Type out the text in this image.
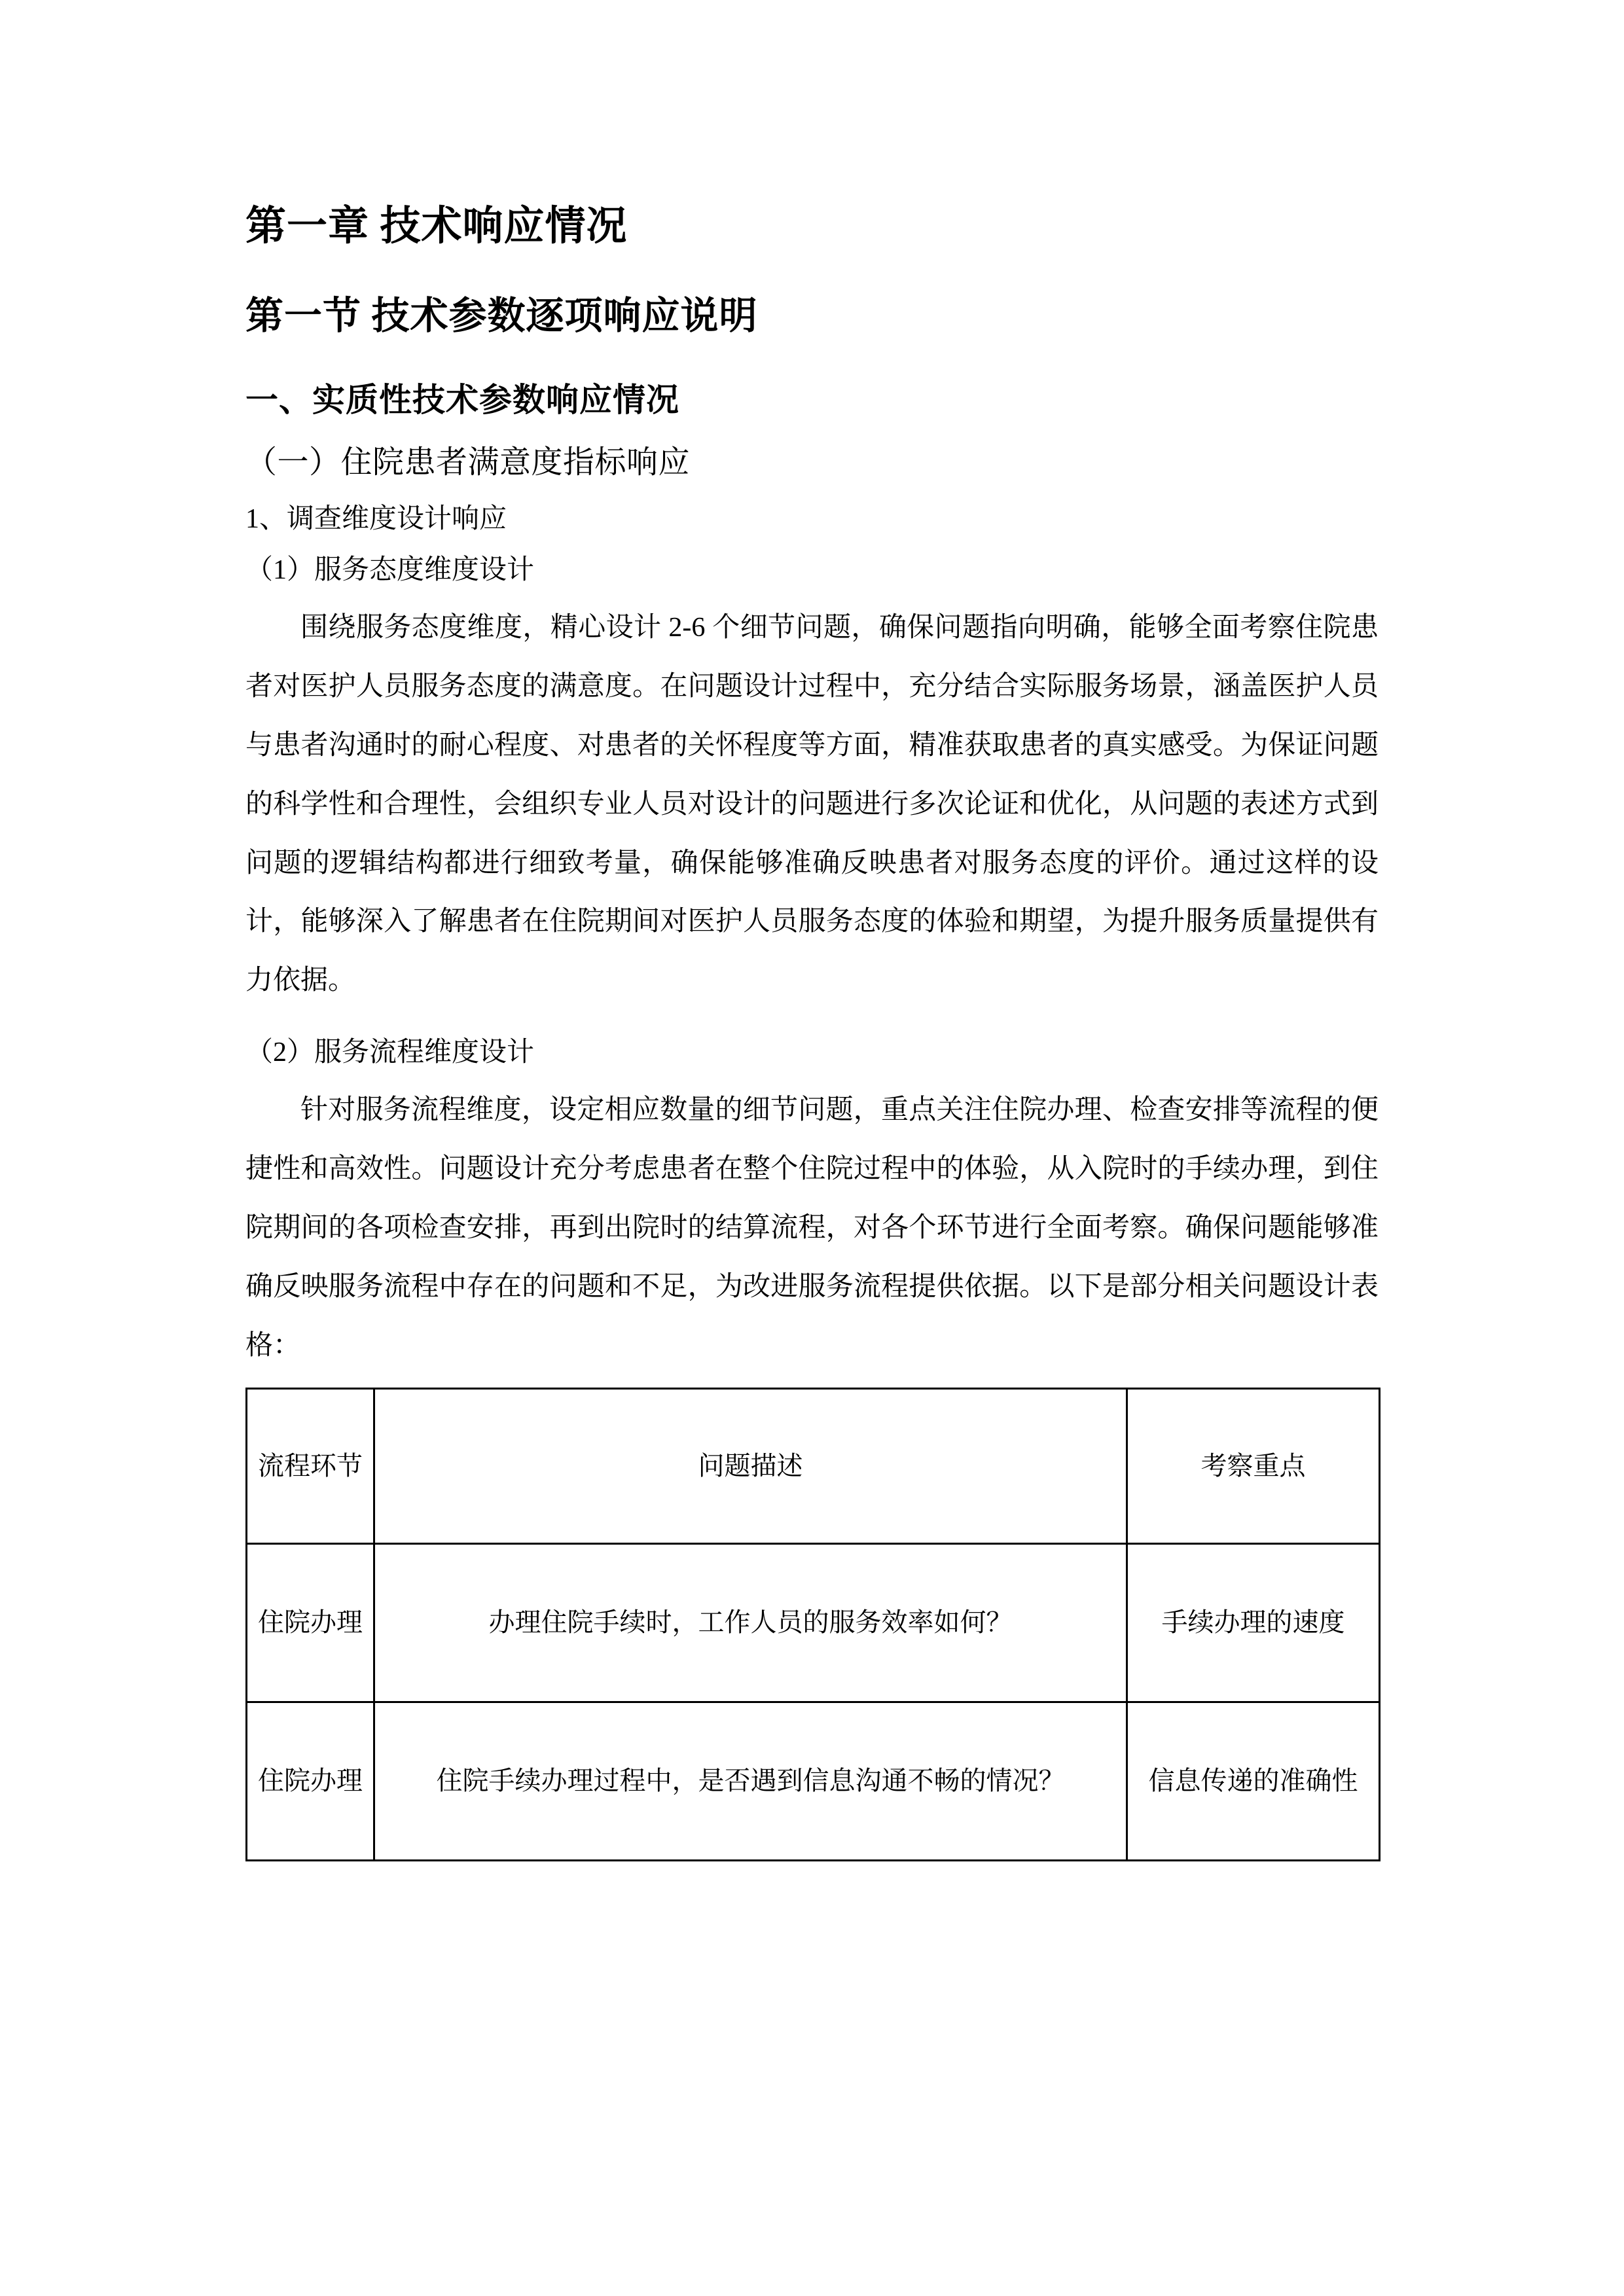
第一章 技术响应情况
第一节 技术参数逐项响应说明
一、实质性技术参数响应情况
（一）住院患者满意度指标响应

1、调查维度设计响应

（1）服务态度维度设计

围绕服务态度维度，精心设计 2-6 个细节问题，确保问题指向明确，能够全面考察住院患者对医护人员服务态度的满意度。在问题设计过程中，充分结合实际服务场景，涵盖医护人员与患者沟通时的耐心程度、对患者的关怀程度等方面，精准获取患者的真实感受。为保证问题的科学性和合理性，会组织专业人员对设计的问题进行多次论证和优化，从问题的表述方式到问题的逻辑结构都进行细致考量，确保能够准确反映患者对服务态度的评价。通过这样的设计，能够深入了解患者在住院期间对医护人员服务态度的体验和期望，为提升服务质量提供有力依据。

（2）服务流程维度设计

针对服务流程维度，设定相应数量的细节问题，重点关注住院办理、检查安排等流程的便捷性和高效性。问题设计充分考虑患者在整个住院过程中的体验，从入院时的手续办理，到住院期间的各项检查安排，再到出院时的结算流程，对各个环节进行全面考察。确保问题能够准确反映服务流程中存在的问题和不足，为改进服务流程提供依据。以下是部分相关问题设计表格：

流程环节	问题描述	考察重点
住院办理	办理住院手续时，工作人员的服务效率如何？	手续办理的速度
住院办理	住院手续办理过程中，是否遇到信息沟通不畅的情况？	信息传递的准确性
